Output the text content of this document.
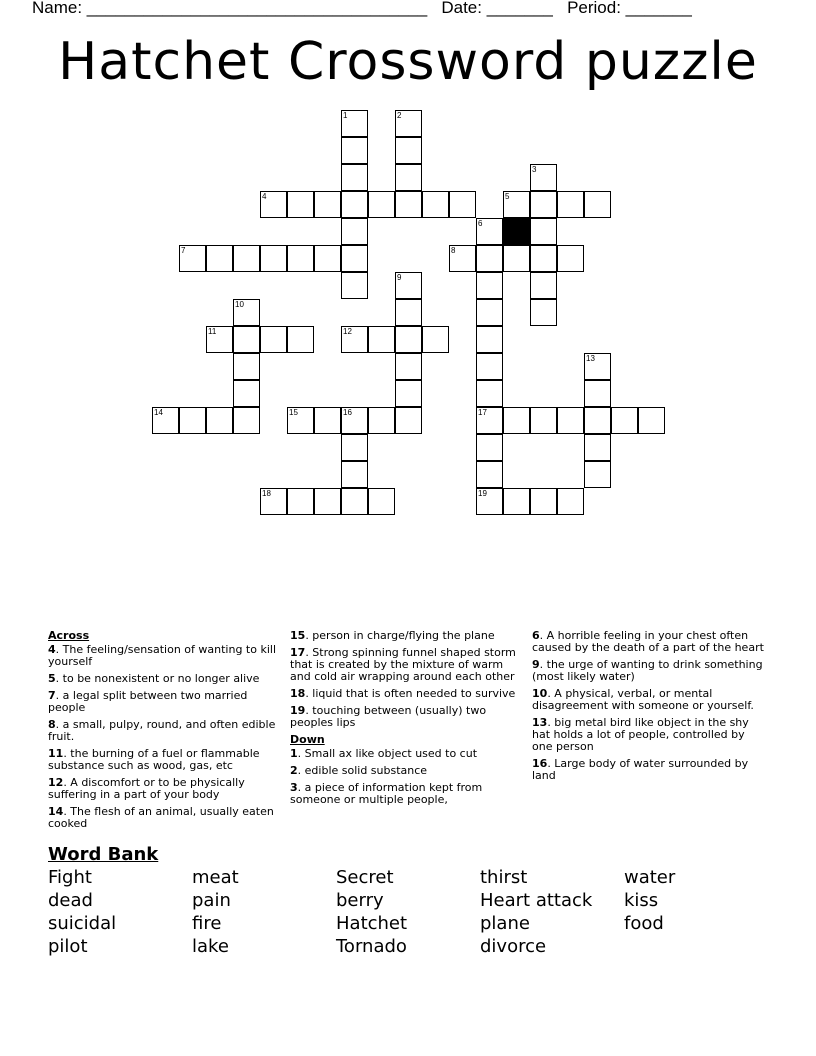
Name: ____________________________________ Date: _______ Period: _______
Hatchet Crossword puzzle
1	2
3
4	5
6
7	8
9
10
11	12
13
14	15	16	17
18	19
Across
4. The feeling/sensation of wanting to kill yourself
5. to be nonexistent or no longer alive
7. a legal split between two married people
8. a small, pulpy, round, and often edible fruit.
11. the burning of a fuel or flammable substance such as wood, gas, etc
12. A discomfort or to be physically suffering in a part of your body
14. The flesh of an animal, usually eaten cooked
15. person in charge/flying the plane
17. Strong spinning funnel shaped storm that is created by the mixture of warm and cold air wrapping around each other
18. liquid that is often needed to survive
19. touching between (usually) two peoples lips
Down
1. Small ax like object used to cut
2. edible solid substance
3. a piece of information kept from someone or multiple people,
6. A horrible feeling in your chest often caused by the death of a part of the heart
9. the urge of wanting to drink something (most likely water)
10. A physical, verbal, or mental disagreement with someone or yourself.
13. big metal bird like object in the shy hat holds a lot of people, controlled by one person
16. Large body of water surrounded by land
Word Bank
Fight	meat	Secret	thirst	water
dead	pain	berry	Heart attack	kiss
suicidal	fire	Hatchet	plane	food
pilot	lake	Tornado	divorce
